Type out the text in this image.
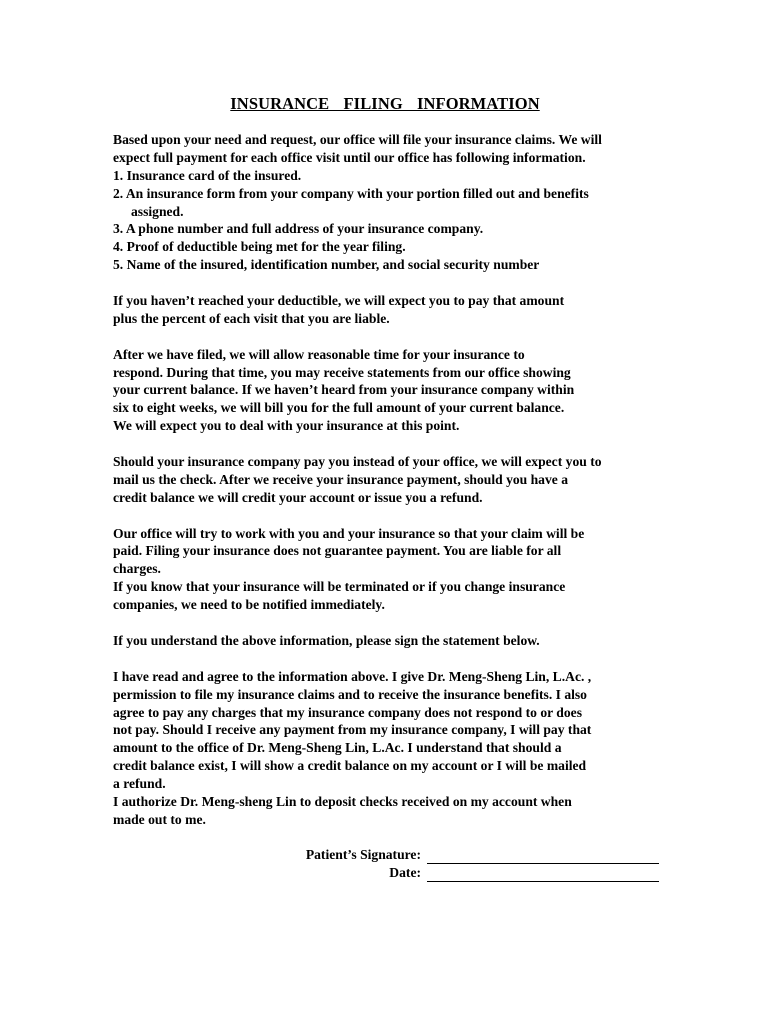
INSURANCE FILING INFORMATION
Based upon your need and request, our office will file your insurance claims. We will
expect full payment for each office visit until our office has following information.
1. Insurance card of the insured.
2. An insurance form from your company with your portion filled out and benefits
assigned.
3. A phone number and full address of your insurance company.
4. Proof of deductible being met for the year filing.
5. Name of the insured, identification number, and social security number
If you haven’t reached your deductible, we will expect you to pay that amount
plus the percent of each visit that you are liable.
After we have filed, we will allow reasonable time for your insurance to
respond. During that time, you may receive statements from our office showing
your current balance. If we haven’t heard from your insurance company within
six to eight weeks, we will bill you for the full amount of your current balance.
We will expect you to deal with your insurance at this point.
Should your insurance company pay you instead of your office, we will expect you to
mail us the check. After we receive your insurance payment, should you have a
credit balance we will credit your account or issue you a refund.
Our office will try to work with you and your insurance so that your claim will be
paid. Filing your insurance does not guarantee payment. You are liable for all
charges.
If you know that your insurance will be terminated or if you change insurance
companies, we need to be notified immediately.
If you understand the above information, please sign the statement below.
I have read and agree to the information above. I give Dr. Meng-Sheng Lin, L.Ac. ,
permission to file my insurance claims and to receive the insurance benefits. I also
agree to pay any charges that my insurance company does not respond to or does
not pay. Should I receive any payment from my insurance company, I will pay that
amount to the office of Dr. Meng-Sheng Lin, L.Ac. I understand that should a
credit balance exist, I will show a credit balance on my account or I will be mailed
a refund.
I authorize Dr. Meng-sheng Lin to deposit checks received on my account when
made out to me.
Patient’s Signature:
Date:
